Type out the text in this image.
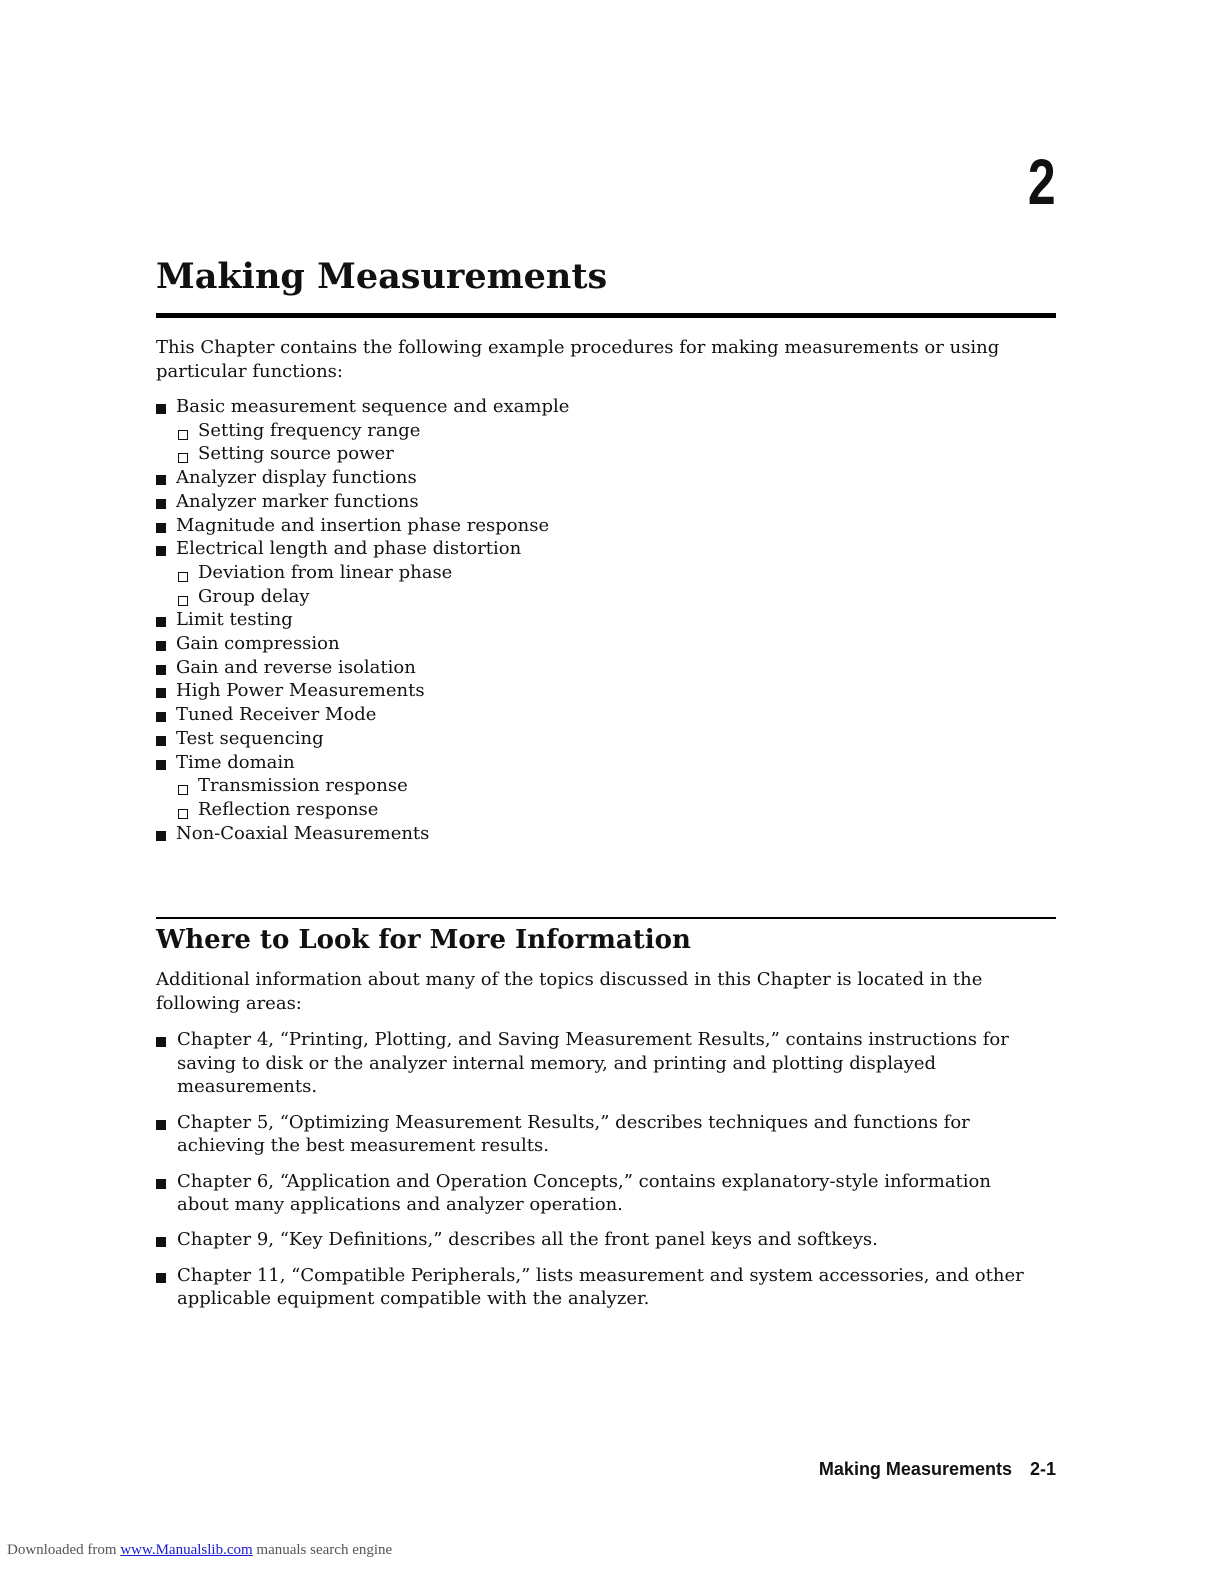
2
Making Measurements

This Chapter contains the following example procedures for making measurements or using particular functions:

Basic measurement sequence and example
Setting frequency range
Setting source power
Analyzer display functions
Analyzer marker functions
Magnitude and insertion phase response
Electrical length and phase distortion
Deviation from linear phase
Group delay
Limit testing
Gain compression
Gain and reverse isolation
High Power Measurements
Tuned Receiver Mode
Test sequencing
Time domain
Transmission response
Reflection response
Non-Coaxial Measurements
Where to Look for More Information

Additional information about many of the topics discussed in this Chapter is located in the following areas:

Chapter 4, “Printing, Plotting, and Saving Measurement Results,” contains instructions for saving to disk or the analyzer internal memory, and printing and plotting displayed measurements.
Chapter 5, “Optimizing Measurement Results,” describes techniques and functions for achieving the best measurement results.
Chapter 6, “Application and Operation Concepts,” contains explanatory-style information about many applications and analyzer operation.
Chapter 9, “Key Definitions,” describes all the front panel keys and softkeys.
Chapter 11, “Compatible Peripherals,” lists measurement and system accessories, and other applicable equipment compatible with the analyzer.
Making Measurements 2-1
Downloaded from www.Manualslib.com manuals search engine
